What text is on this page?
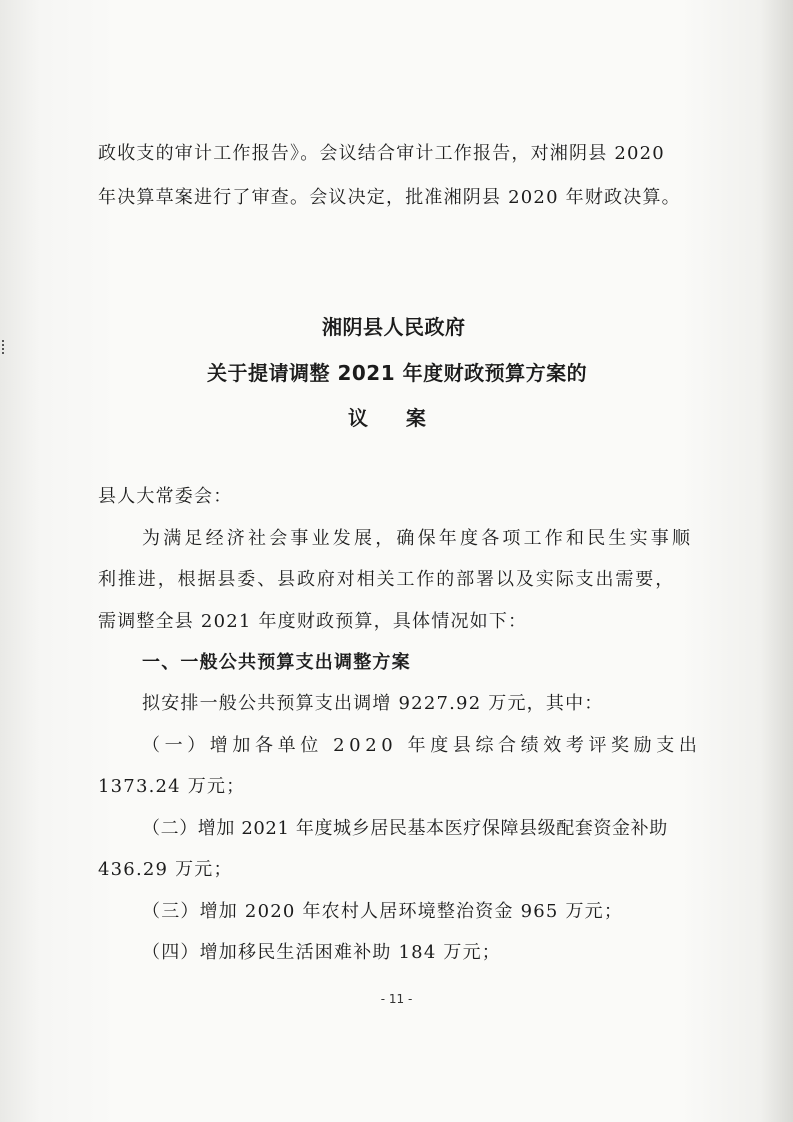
政收支的审计工作报告》。会议结合审计工作报告，对湘阴县 2020
年决算草案进行了审查。会议决定，批准湘阴县 2020 年财政决算。
湘阴县人民政府
关于提请调整 2021 年度财政预算方案的
议     案
县人大常委会：
为满足经济社会事业发展，确保年度各项工作和民生实事顺
利推进，根据县委、县政府对相关工作的部署以及实际支出需要，
需调整全县 2021 年度财政预算，具体情况如下：
一、一般公共预算支出调整方案
拟安排一般公共预算支出调增 9227.92 万元，其中：
（一）增加各单位 2020 年度县综合绩效考评奖励支出
1373.24 万元；
（二）增加 2021 年度城乡居民基本医疗保障县级配套资金补助
436.29 万元；
（三）增加 2020 年农村人居环境整治资金 965 万元；
（四）增加移民生活困难补助 184 万元；
- 11 -
